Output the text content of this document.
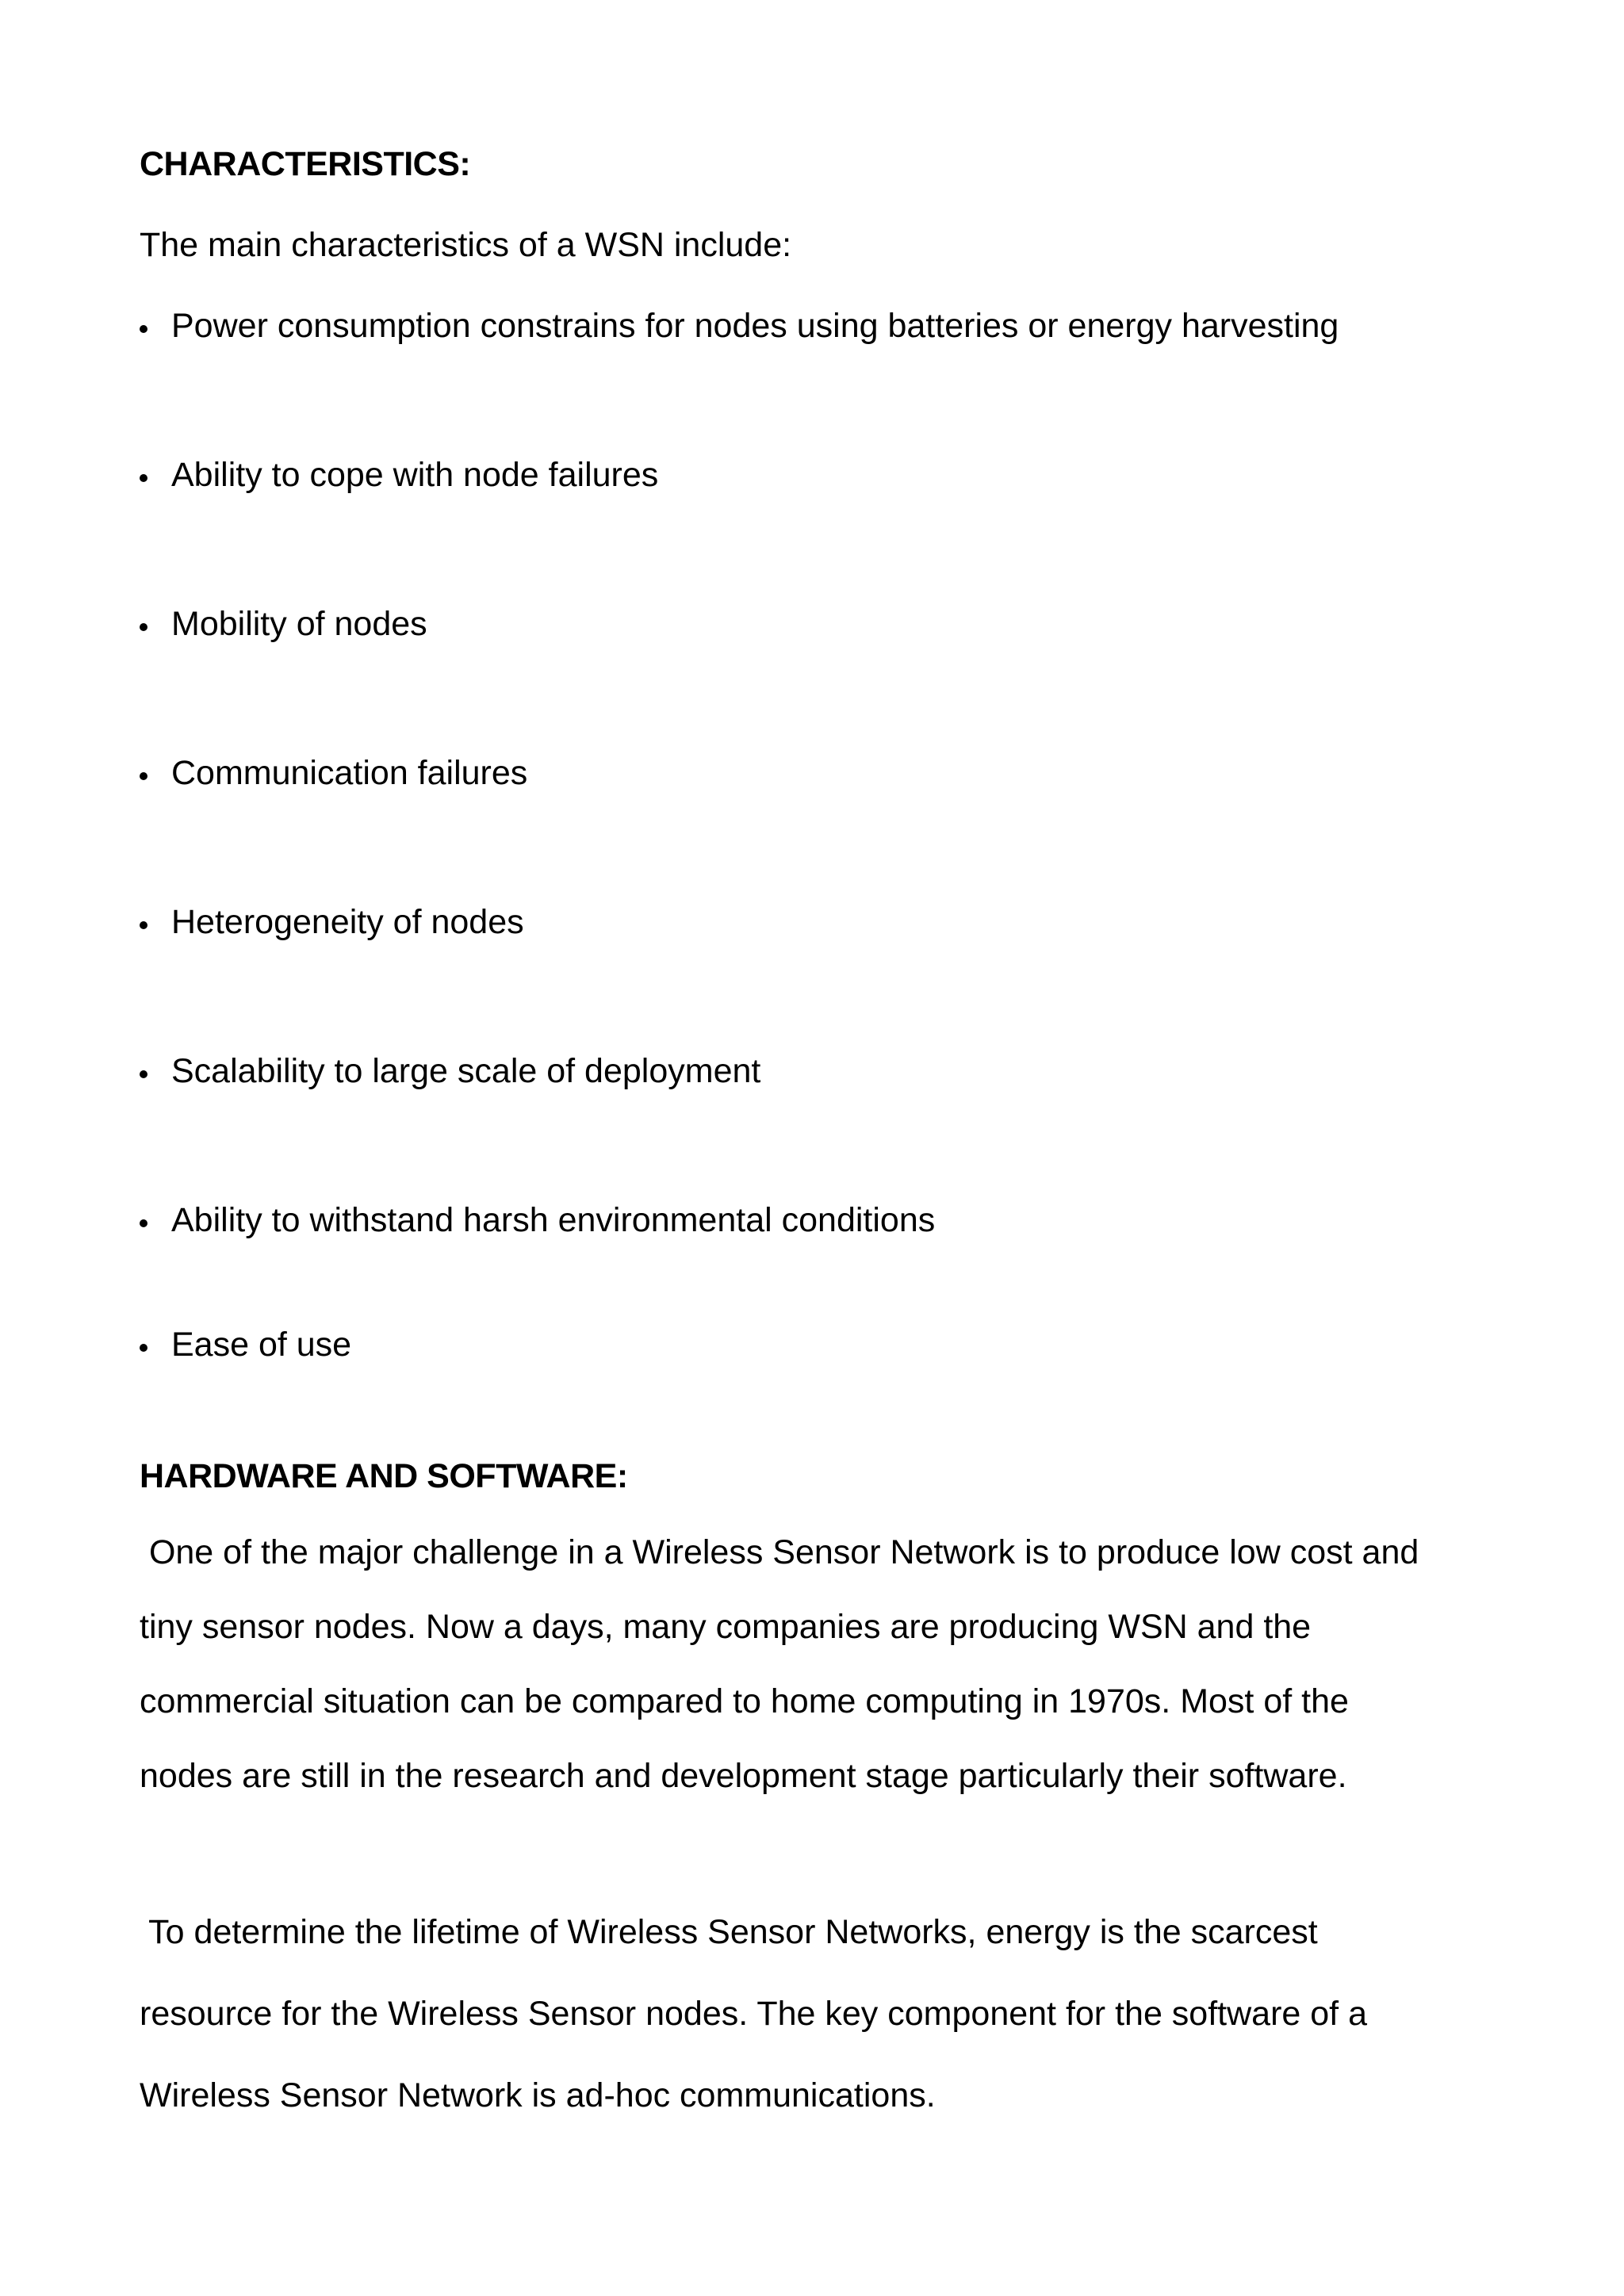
CHARACTERISTICS:
The main characteristics of a WSN include:
Power consumption constrains for nodes using batteries or energy harvesting
Ability to cope with node failures
Mobility of nodes
Communication failures
Heterogeneity of nodes
Scalability to large scale of deployment
Ability to withstand harsh environmental conditions
Ease of use
HARDWARE AND SOFTWARE:
One of the major challenge in a Wireless Sensor Network is to produce low cost and
tiny sensor nodes. Now a days, many companies are producing WSN and the
commercial situation can be compared to home computing in 1970s. Most of the
nodes are still in the research and development stage particularly their software.
To determine the lifetime of Wireless Sensor Networks, energy is the scarcest
resource for the Wireless Sensor nodes. The key component for the software of a
Wireless Sensor Network is ad-hoc communications.
